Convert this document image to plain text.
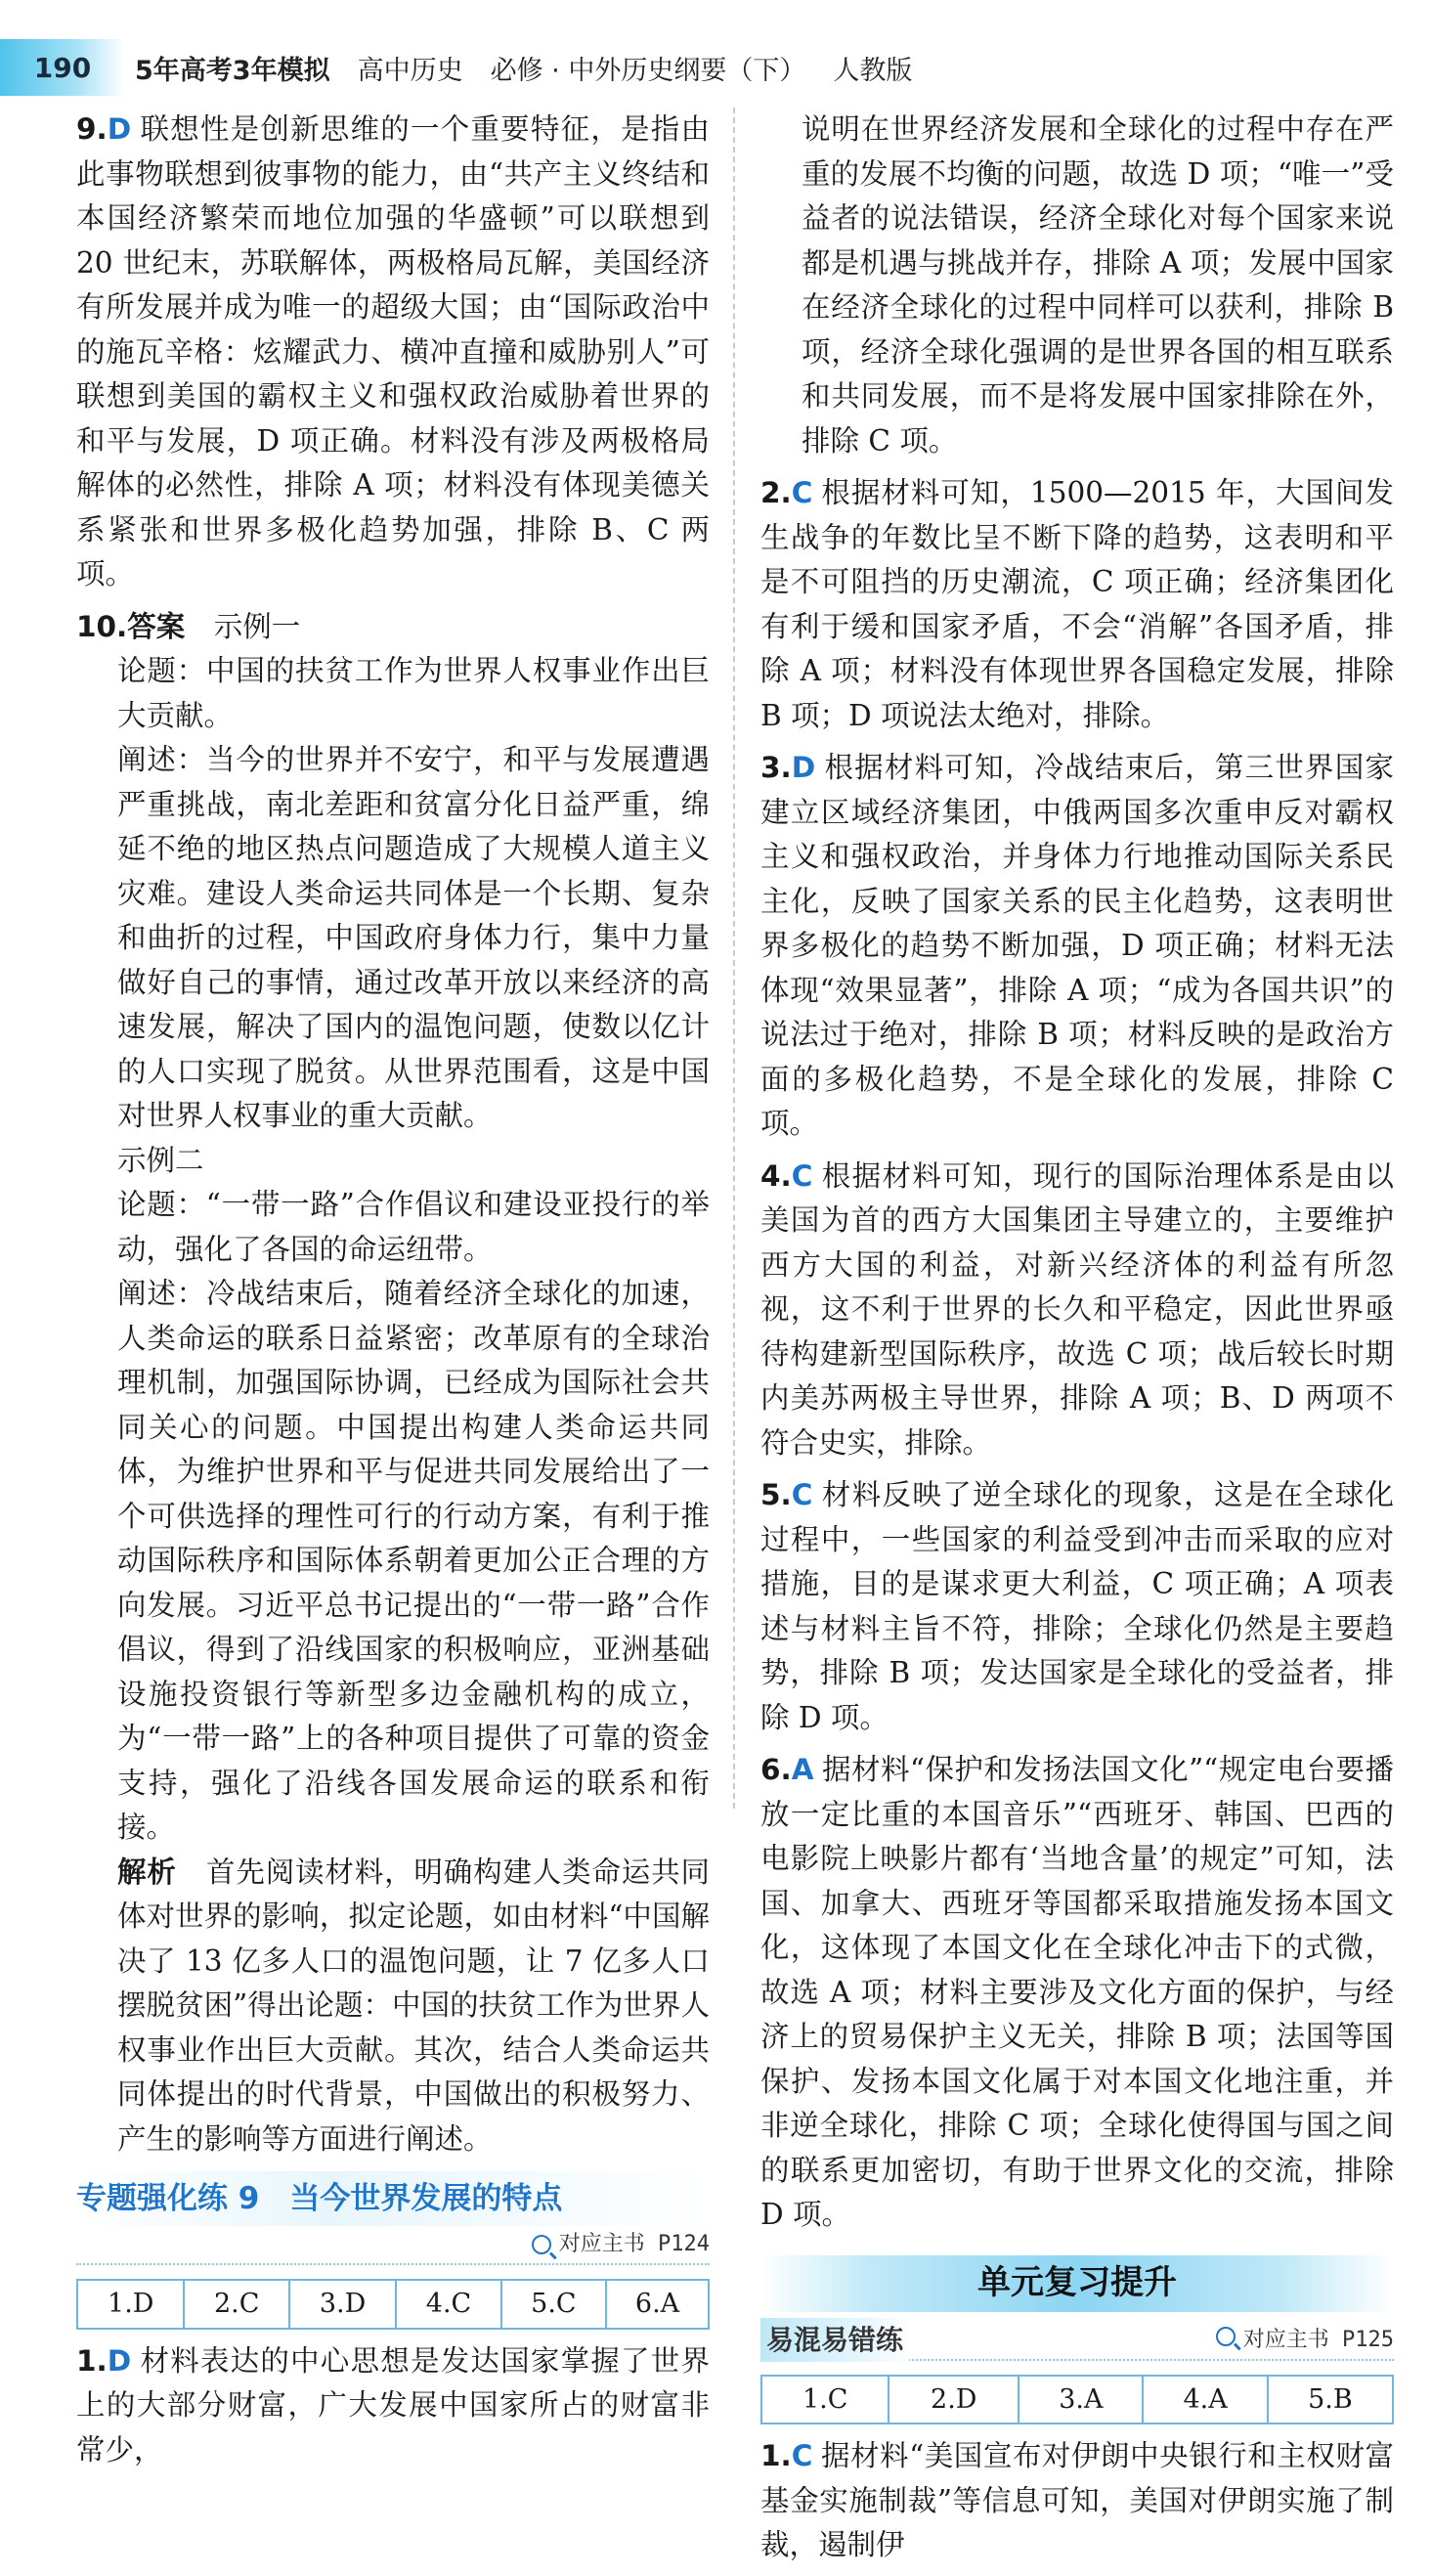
190	5年高考3年模拟 高中历史 必修 · 中外历史纲要（下） 人教版

9.D 联想性是创新思维的一个重要特征，是指由此事物联想到彼事物的能力，由“共产主义终结和本国经济繁荣而地位加强的华盛顿”可以联想到 20 世纪末，苏联解体，两极格局瓦解，美国经济有所发展并成为唯一的超级大国；由“国际政治中的施瓦辛格：炫耀武力、横冲直撞和威胁别人”可联想到美国的霸权主义和强权政治威胁着世界的和平与发展，D 项正确。材料没有涉及两极格局解体的必然性，排除 A 项；材料没有体现美德关系紧张和世界多极化趋势加强，排除 B、C 两项。

10.答案　 示例一

论题：中国的扶贫工作为世界人权事业作出巨大贡献。

阐述：当今的世界并不安宁，和平与发展遭遇严重挑战，南北差距和贫富分化日益严重，绵延不绝的地区热点问题造成了大规模人道主义灾难。建设人类命运共同体是一个长期、复杂和曲折的过程，中国政府身体力行，集中力量做好自己的事情，通过改革开放以来经济的高速发展，解决了国内的温饱问题，使数以亿计的人口实现了脱贫。从世界范围看，这是中国对世界人权事业的重大贡献。

示例二

论题：“一带一路”合作倡议和建设亚投行的举动，强化了各国的命运纽带。

阐述：冷战结束后，随着经济全球化的加速，人类命运的联系日益紧密；改革原有的全球治理机制，加强国际协调，已经成为国际社会共同关心的问题。中国提出构建人类命运共同体，为维护世界和平与促进共同发展给出了一个可供选择的理性可行的行动方案，有利于推动国际秩序和国际体系朝着更加公正合理的方向发展。习近平总书记提出的“一带一路”合作倡议，得到了沿线国家的积极响应，亚洲基础设施投资银行等新型多边金融机构的成立，为“一带一路”上的各种项目提供了可靠的资金支持，强化了沿线各国发展命运的联系和衔接。

解析　 首先阅读材料，明确构建人类命运共同体对世界的影响，拟定论题，如由材料“中国解决了 13 亿多人口的温饱问题，让 7 亿多人口摆脱贫困”得出论题：中国的扶贫工作为世界人权事业作出巨大贡献。其次，结合人类命运共同体提出的时代背景，中国做出的积极努力、产生的影响等方面进行阐述。

专题强化练 9　当今世界发展的特点
对应主书 P124
1.D	2.C	3.D	4.C	5.C	6.A

1.D 材料表达的中心思想是发达国家掌握了世界上的大部分财富，广大发展中国家所占的财富非常少，

说明在世界经济发展和全球化的过程中存在严重的发展不均衡的问题，故选 D 项；“唯一”受益者的说法错误，经济全球化对每个国家来说都是机遇与挑战并存，排除 A 项；发展中国家在经济全球化的过程中同样可以获利，排除 B 项，经济全球化强调的是世界各国的相互联系和共同发展，而不是将发展中国家排除在外，排除 C 项。

2.C 根据材料可知，1500—2015 年，大国间发生战争的年数比呈不断下降的趋势，这表明和平是不可阻挡的历史潮流，C 项正确；经济集团化有利于缓和国家矛盾，不会“消解”各国矛盾，排除 A 项；材料没有体现世界各国稳定发展，排除 B 项；D 项说法太绝对，排除。

3.D 根据材料可知，冷战结束后，第三世界国家建立区域经济集团，中俄两国多次重申反对霸权主义和强权政治，并身体力行地推动国际关系民主化，反映了国家关系的民主化趋势，这表明世界多极化的趋势不断加强，D 项正确；材料无法体现“效果显著”，排除 A 项；“成为各国共识”的说法过于绝对，排除 B 项；材料反映的是政治方面的多极化趋势，不是全球化的发展，排除 C 项。

4.C 根据材料可知，现行的国际治理体系是由以美国为首的西方大国集团主导建立的，主要维护西方大国的利益，对新兴经济体的利益有所忽视，这不利于世界的长久和平稳定，因此世界亟待构建新型国际秩序，故选 C 项；战后较长时期内美苏两极主导世界，排除 A 项；B、D 两项不符合史实，排除。

5.C 材料反映了逆全球化的现象，这是在全球化过程中，一些国家的利益受到冲击而采取的应对措施，目的是谋求更大利益，C 项正确；A 项表述与材料主旨不符，排除；全球化仍然是主要趋势，排除 B 项；发达国家是全球化的受益者，排除 D 项。

6.A 据材料“保护和发扬法国文化”“规定电台要播放一定比重的本国音乐”“西班牙、韩国、巴西的电影院上映影片都有‘当地含量’的规定”可知，法国、加拿大、西班牙等国都采取措施发扬本国文化，这体现了本国文化在全球化冲击下的式微，故选 A 项；材料主要涉及文化方面的保护，与经济上的贸易保护主义无关，排除 B 项；法国等国保护、发扬本国文化属于对本国文化地注重，并非逆全球化，排除 C 项；全球化使得国与国之间的联系更加密切，有助于世界文化的交流，排除 D 项。

单元复习提升
易混易错练	对应主书 P125
1.C	2.D	3.A	4.A	5.B

1.C 据材料“美国宣布对伊朗中央银行和主权财富基金实施制裁”等信息可知，美国对伊朗实施了制裁，遏制伊
